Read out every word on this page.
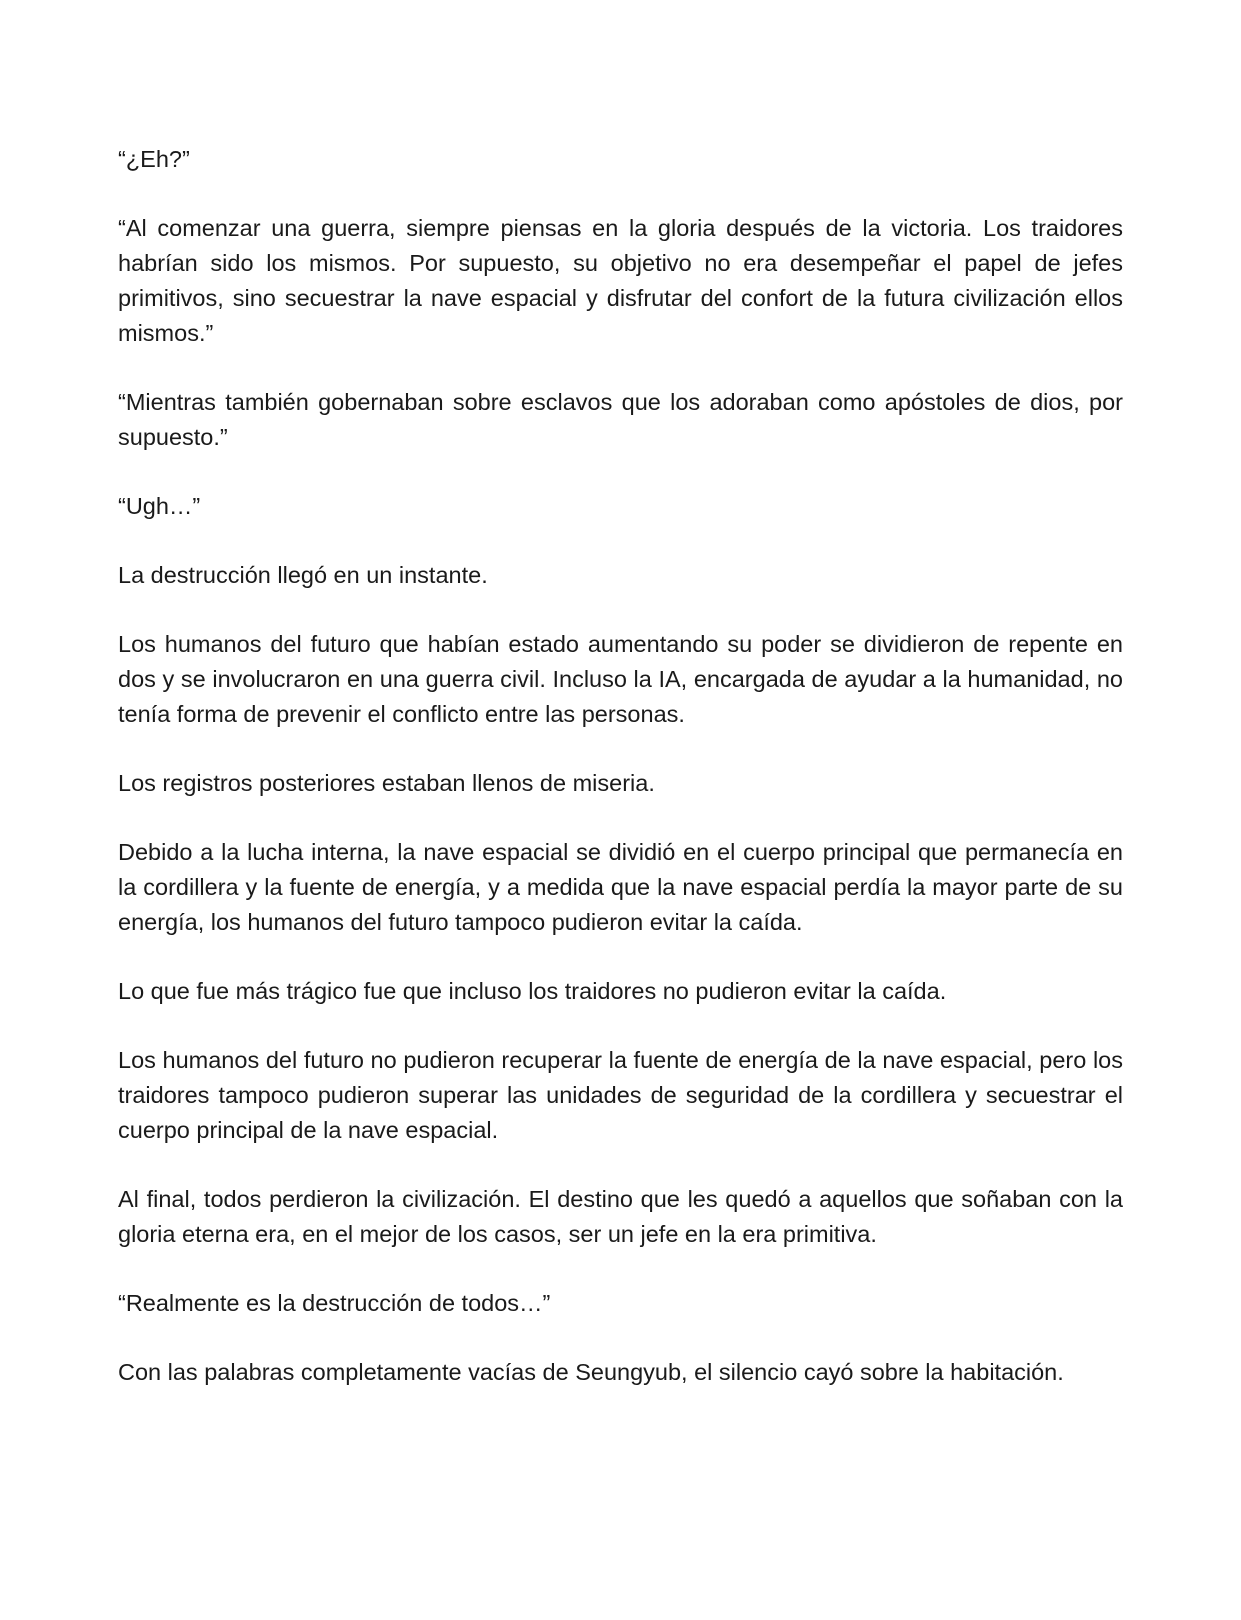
“¿Eh?”

“Al comenzar una guerra, siempre piensas en la gloria después de la victoria. Los traidores habrían sido los mismos. Por supuesto, su objetivo no era desempeñar el papel de jefes primitivos, sino secuestrar la nave espacial y disfrutar del confort de la futura civilización ellos mismos.”

“Mientras también gobernaban sobre esclavos que los adoraban como apóstoles de dios, por supuesto.”

“Ugh…”

La destrucción llegó en un instante.

Los humanos del futuro que habían estado aumentando su poder se dividieron de repente en dos y se involucraron en una guerra civil. Incluso la IA, encargada de ayudar a la humanidad, no tenía forma de prevenir el conflicto entre las personas.

Los registros posteriores estaban llenos de miseria.

Debido a la lucha interna, la nave espacial se dividió en el cuerpo principal que permanecía en la cordillera y la fuente de energía, y a medida que la nave espacial perdía la mayor parte de su energía, los humanos del futuro tampoco pudieron evitar la caída.

Lo que fue más trágico fue que incluso los traidores no pudieron evitar la caída.

Los humanos del futuro no pudieron recuperar la fuente de energía de la nave espacial, pero los traidores tampoco pudieron superar las unidades de seguridad de la cordillera y secuestrar el cuerpo principal de la nave espacial.

Al final, todos perdieron la civilización. El destino que les quedó a aquellos que soñaban con la gloria eterna era, en el mejor de los casos, ser un jefe en la era primitiva.

“Realmente es la destrucción de todos…”

Con las palabras completamente vacías de Seungyub, el silencio cayó sobre la habitación.
